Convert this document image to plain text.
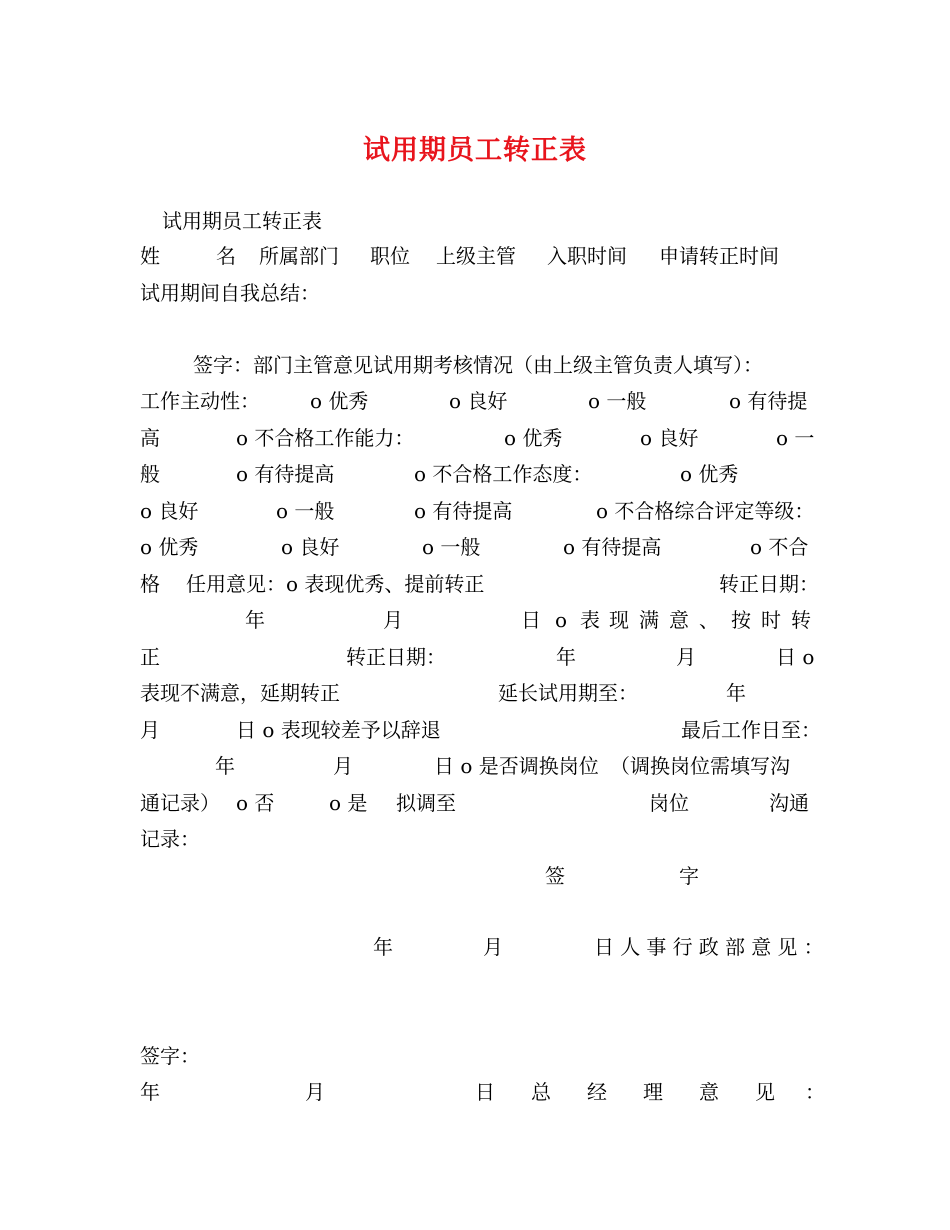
试用期员工转正表
试用期员工转正表
姓	名 所属部门 职位 上级主管 入职时间 申请转正时间
试用期间自我总结：
签字：部门主管意见试用期考核情况（由上级主管负责人填写）：
工作主动性：	o 优秀	o 良好	o 一般	o 有待提
高	o 不合格工作能力：	o 优秀	o 良好	o 一
般	o 有待提高	o 不合格工作态度：	o 优秀
o 良好	o 一般	o 有待提高	o 不合格综合评定等级：
o 优秀	o 良好	o 一般	o 有待提高	o 不合
格 任用意见：o 表现优秀、提前转正	转正日期：
年	月	日 o 表 现 满 意 、 按 时 转
正	转正日期：	年	月	日 o
表现不满意，延期转正	延长试用期至：	年
月	日 o 表现较差予以辞退	最后工作日至：
年	月	日 o 是否调换岗位 （调换岗位需填写沟
通记录） o 否	o 是 拟调至	岗位	沟通
记录：
签	字
年	月	日人事行政部意见：
签字：
年	月	日 总 经 理 意 见 ：
